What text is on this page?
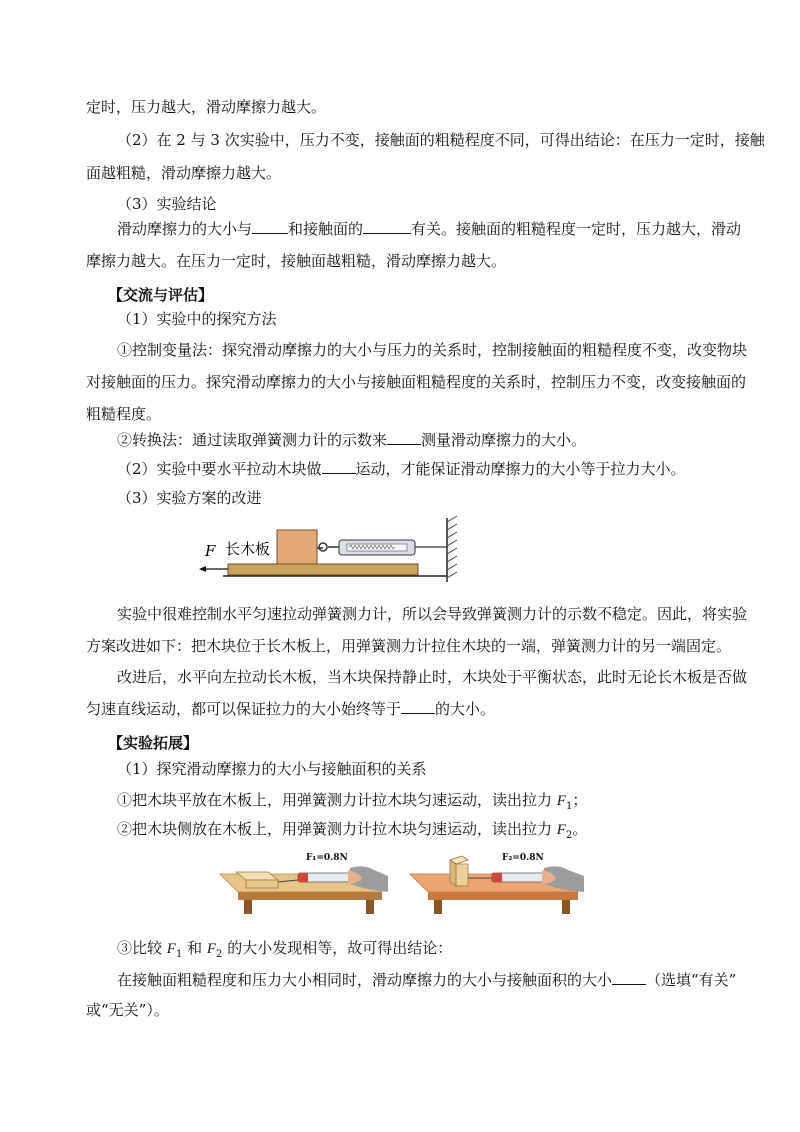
定时，压力越大，滑动摩擦力越大。
（2）在 2 与 3 次实验中，压力不变，接触面的粗糙程度不同，可得出结论：在压力一定时，接触
面越粗糙，滑动摩擦力越大。
（3）实验结论
滑动摩擦力的大小与 和接触面的	有关。接触面的粗糙程度一定时，压力越大，滑动
摩擦力越大。在压力一定时，接触面越粗糙，滑动摩擦力越大。
【交流与评估】
（1）实验中的探究方法
①控制变量法：探究滑动摩擦力的大小与压力的关系时，控制接触面的粗糙程度不变，改变物块
对接触面的压力。探究滑动摩擦力的大小与接触面粗糙程度的关系时，控制压力不变，改变接触面的
粗糙程度。
②转换法：通过读取弹簧测力计的示数来 测量滑动摩擦力的大小。
（2）实验中要水平拉动木块做 运动，才能保证滑动摩擦力的大小等于拉力大小。
（3）实验方案的改进
F 长木板
实验中很难控制水平匀速拉动弹簧测力计，所以会导致弹簧测力计的示数不稳定。因此，将实验
方案改进如下：把木块位于长木板上，用弹簧测力计拉住木块的一端，弹簧测力计的另一端固定。
改进后，水平向左拉动长木板，当木块保持静止时，木块处于平衡状态，此时无论长木板是否做
匀速直线运动，都可以保证拉力的大小始终等于 的大小。
【实验拓展】
（1）探究滑动摩擦力的大小与接触面积的关系
①把木块平放在木板上，用弹簧测力计拉木块匀速运动，读出拉力 $F_1$；
②把木块侧放在木板上，用弹簧测力计拉木块匀速运动，读出拉力 $F_2$。
F₁=0.8N	F₂=0.8N
③比较 $F_1$ 和 $F_2$ 的大小发现相等，故可得出结论：
在接触面粗糙程度和压力大小相同时，滑动摩擦力的大小与接触面积的大小 （选填“有关”
或“无关”）。
